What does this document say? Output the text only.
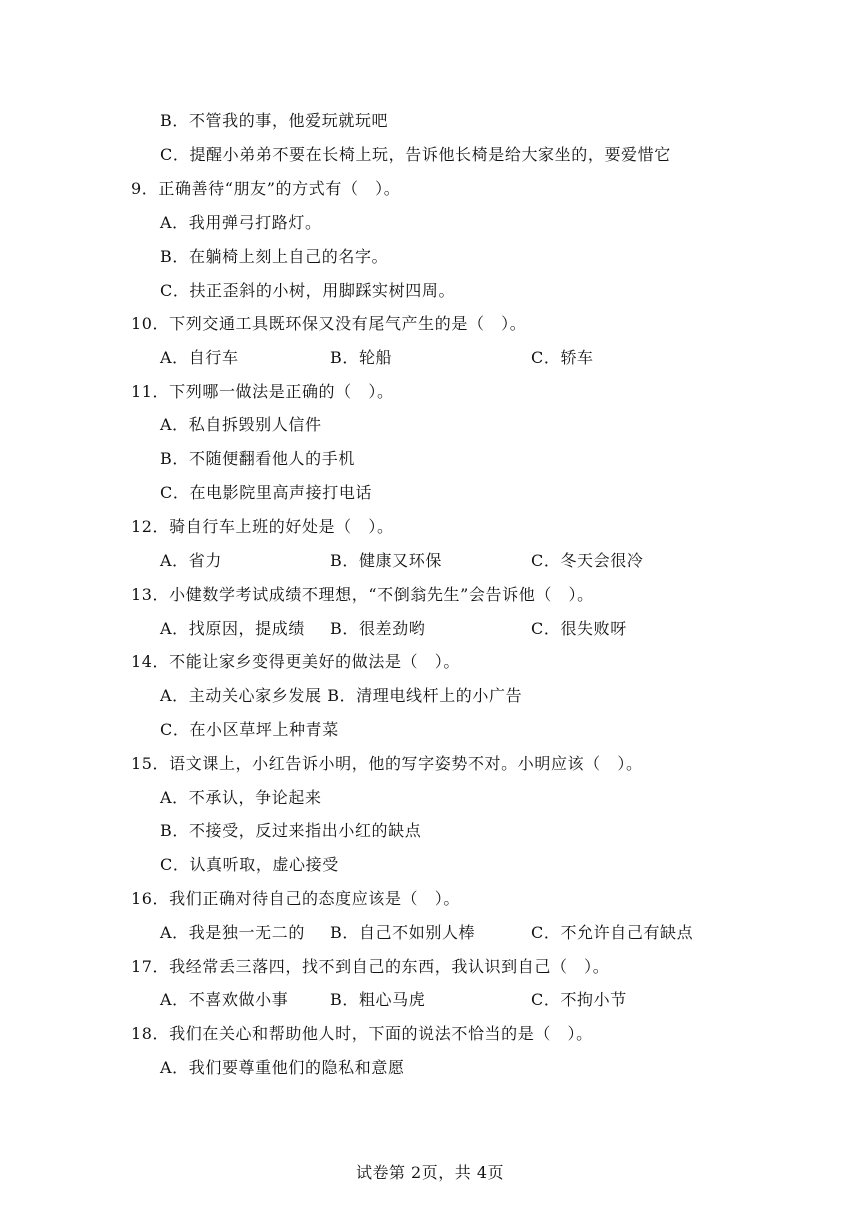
B．不管我的事，他爱玩就玩吧
C．提醒小弟弟不要在长椅上玩，告诉他长椅是给大家坐的，要爱惜它
9．正确善待“朋友”的方式有（　）。
A．我用弹弓打路灯。
B．在躺椅上刻上自己的名字。
C．扶正歪斜的小树，用脚踩实树四周。
10．下列交通工具既环保又没有尾气产生的是（　）。
A．自行车	B．轮船	C．轿车
11．下列哪一做法是正确的（　）。
A．私自拆毁别人信件
B．不随便翻看他人的手机
C．在电影院里高声接打电话
12．骑自行车上班的好处是（　）。
A．省力	B．健康又环保	C．冬天会很冷
13．小健数学考试成绩不理想，“不倒翁先生”会告诉他（　）。
A．找原因，提成绩 B．很差劲哟	C．很失败呀
14．不能让家乡变得更美好的做法是（　）。
A．主动关心家乡发展 B．清理电线杆上的小广告
C．在小区草坪上种青菜
15．语文课上，小红告诉小明，他的写字姿势不对。小明应该（　）。
A．不承认，争论起来
B．不接受，反过来指出小红的缺点
C．认真听取，虚心接受
16．我们正确对待自己的态度应该是（　）。
A．我是独一无二的 B．自己不如别人棒	C．不允许自己有缺点
17．我经常丢三落四，找不到自己的东西，我认识到自己（　）。
A．不喜欢做小事	B．粗心马虎	C．不拘小节
18．我们在关心和帮助他人时，下面的说法不恰当的是（　）。
A．我们要尊重他们的隐私和意愿
试卷第 2页，共 4页
